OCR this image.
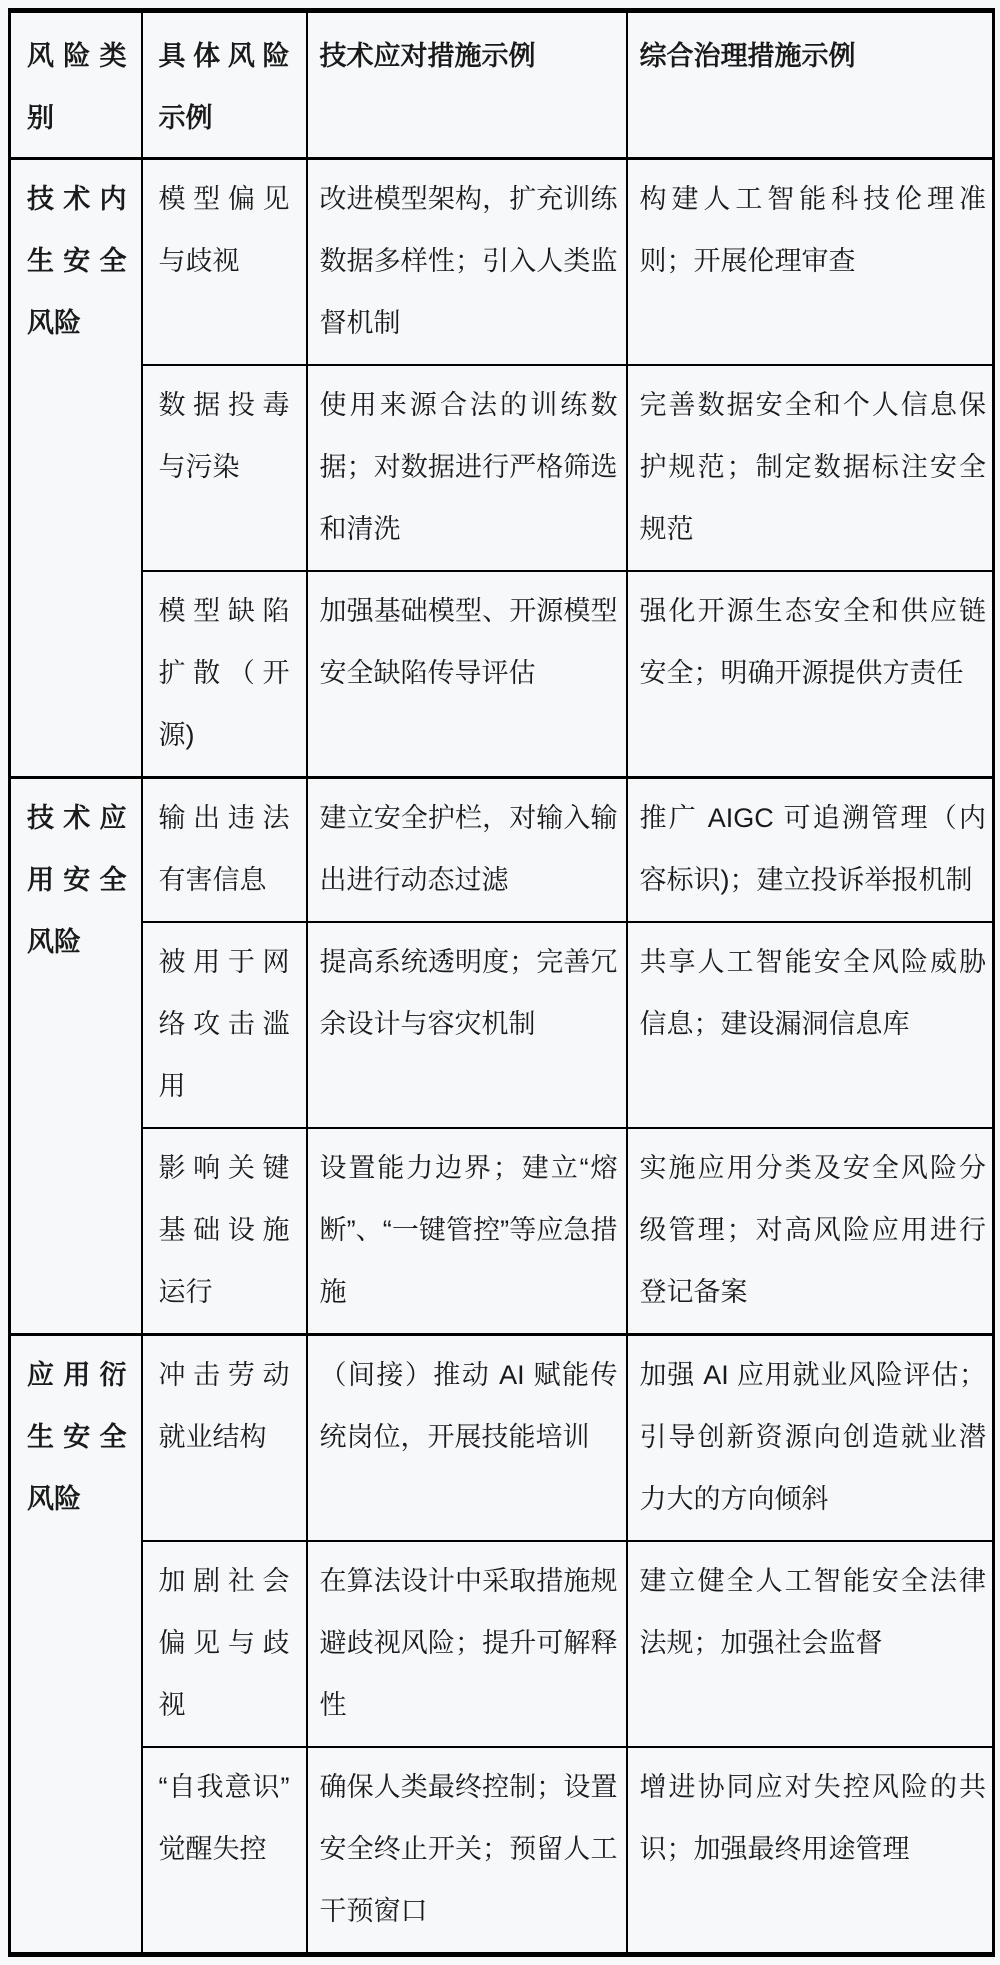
风险类别	具体风险示例	技术应对措施示例	综合治理措施示例
技术内生安全风险	模型偏见与歧视	改进模型架构，扩充训练数据多样性；引入人类监督机制	构建人工智能科技伦理准则；开展伦理审查
	数据投毒与污染	使用来源合法的训练数据；对数据进行严格筛选和清洗	完善数据安全和个人信息保护规范；制定数据标注安全规范
	模型缺陷扩散（开源)	加强基础模型、开源模型安全缺陷传导评估	强化开源生态安全和供应链安全；明确开源提供方责任
技术应用安全风险	输出违法有害信息	建立安全护栏，对输入输出进行动态过滤	推广 AIGC 可追溯管理（内容标识)；建立投诉举报机制
	被用于网络攻击滥用	提高系统透明度；完善冗余设计与容灾机制	共享人工智能安全风险威胁信息；建设漏洞信息库
	影响关键基础设施运行	设置能力边界；建立“熔断”、“一键管控”等应急措施	实施应用分类及安全风险分级管理；对高风险应用进行登记备案
应用衍生安全风险	冲击劳动就业结构	（间接）推动 AI 赋能传统岗位，开展技能培训	加强 AI 应用就业风险评估；引导创新资源向创造就业潜力大的方向倾斜
	加剧社会偏见与歧视	在算法设计中采取措施规避歧视风险；提升可解释性	建立健全人工智能安全法律法规；加强社会监督
	“自我意识”觉醒失控	确保人类最终控制；设置安全终止开关；预留人工干预窗口	增进协同应对失控风险的共识；加强最终用途管理
